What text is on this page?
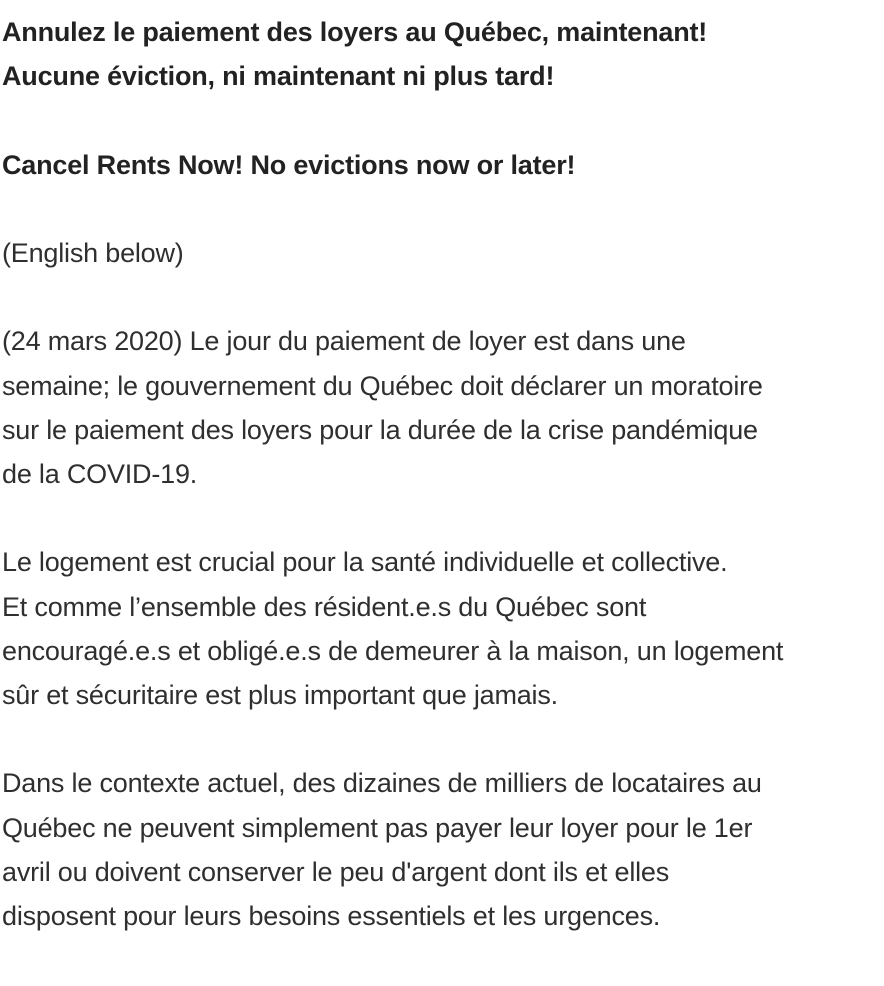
Annulez le paiement des loyers au Québec, maintenant!
Aucune éviction, ni maintenant ni plus tard!
Cancel Rents Now! No evictions now or later!
(English below)
(24 mars 2020) Le jour du paiement de loyer est dans une
semaine; le gouvernement du Québec doit déclarer un moratoire
sur le paiement des loyers pour la durée de la crise pandémique
de la COVID-19.
Le logement est crucial pour la santé individuelle et collective.
Et comme l’ensemble des résident.e.s du Québec sont
encouragé.e.s et obligé.e.s de demeurer à la maison, un logement
sûr et sécuritaire est plus important que jamais.
Dans le contexte actuel, des dizaines de milliers de locataires au
Québec ne peuvent simplement pas payer leur loyer pour le 1er
avril ou doivent conserver le peu d'argent dont ils et elles
disposent pour leurs besoins essentiels et les urgences.
